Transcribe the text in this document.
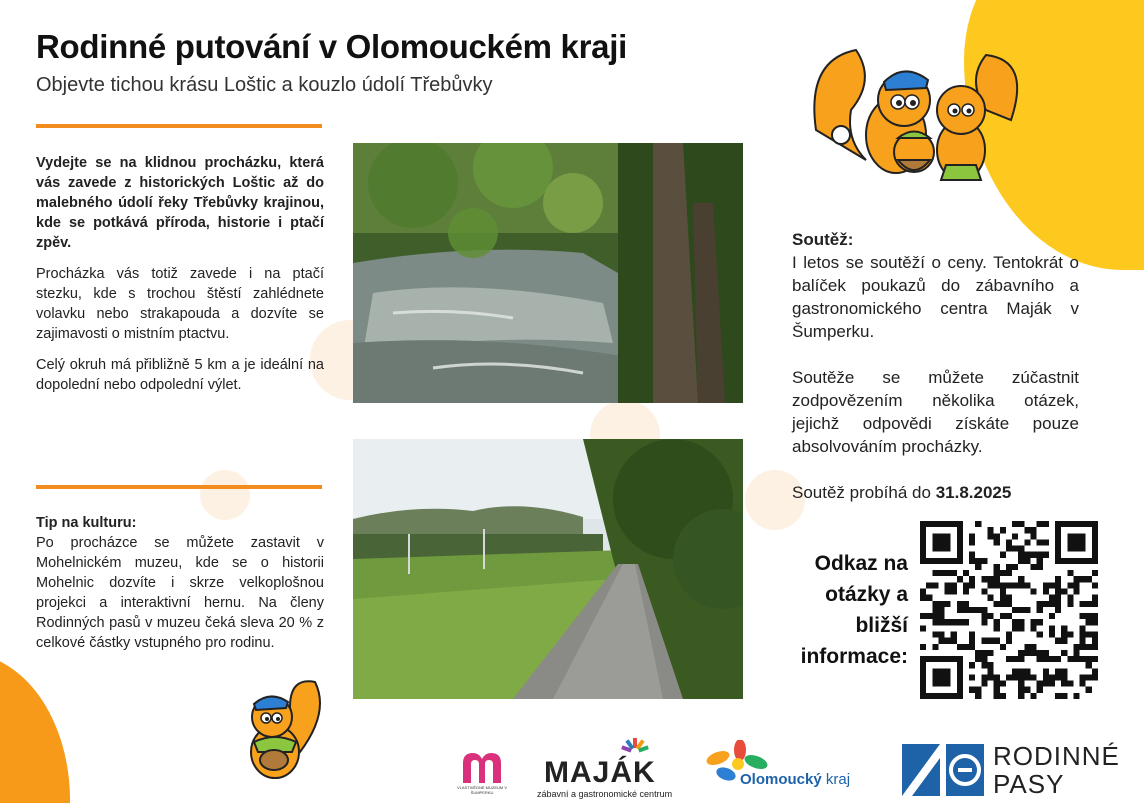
Rodinné putování v Olomouckém kraji
Objevte tichou krásu Loštic a kouzlo údolí Třebůvky

Vydejte se na klidnou procházku, která vás zavede z historických Loštic až do malebného údolí řeky Třebůvky krajinou, kde se potkává příroda, historie i ptačí zpěv.

Procházka vás totiž zavede i na ptačí stezku, kde s trochou štěstí zahlédnete volavku nebo strakapouda a dozvíte se zajimavosti o mistním ptactvu.

Celý okruh má přibližně 5 km a je ideální na dopolední nebo odpolední výlet.

Tip na kulturu:
Po procházce se můžete zastavit v Mohelnickém muzeu, kde se o historii Mohelnic dozvíte i skrze velkoplošnou projekci a interaktivní hernu. Na členy Rodinných pasů v muzeu čeká sleva 20 % z celkové částky vstupného pro rodinu.

Soutěž:

I letos se soutěží o ceny. Tentokrát o balíček poukazů do zábavního a gastronomického centra Maják v Šumperku.

Soutěže se můžete zúčastnit zodpovězením několika otázek, jejichž odpovědi získáte pouze absolvováním procházky.

Soutěž probíhá do 31.8.2025

Odkaz na otázky a bližší informace:
VLASTIVĚDNÉ MUZEUM V ŠUMPERKU
MAJÁK
zábavní a gastronomické centrum
Olomoucký kraj
RODINNÉ
PASY
